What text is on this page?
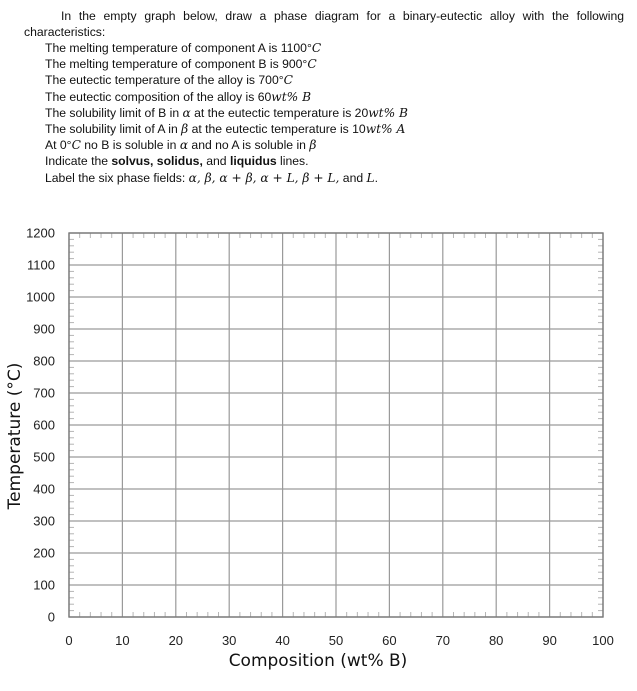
In the empty graph below, draw a phase diagram for a binary-eutectic alloy with the following characteristics:

The melting temperature of component A is 1100°C

The melting temperature of component B is 900°C

The eutectic temperature of the alloy is 700°C

The eutectic composition of the alloy is 60wt% B

The solubility limit of B in α at the eutectic temperature is 20wt% B

The solubility limit of A in β at the eutectic temperature is 10wt% A

At 0°C no B is soluble in α and no A is soluble in β

Indicate the solvus, solidus, and liquidus lines.

Label the six phase fields: α, β, α + β, α + L, β + L, and L.

0	10	20	30	40	50	60	70	80	90	100
0
100
200
300
400
500
600
700
800
900
1000
1100
1200
Composition (wt% B)
Temperature (°C)
